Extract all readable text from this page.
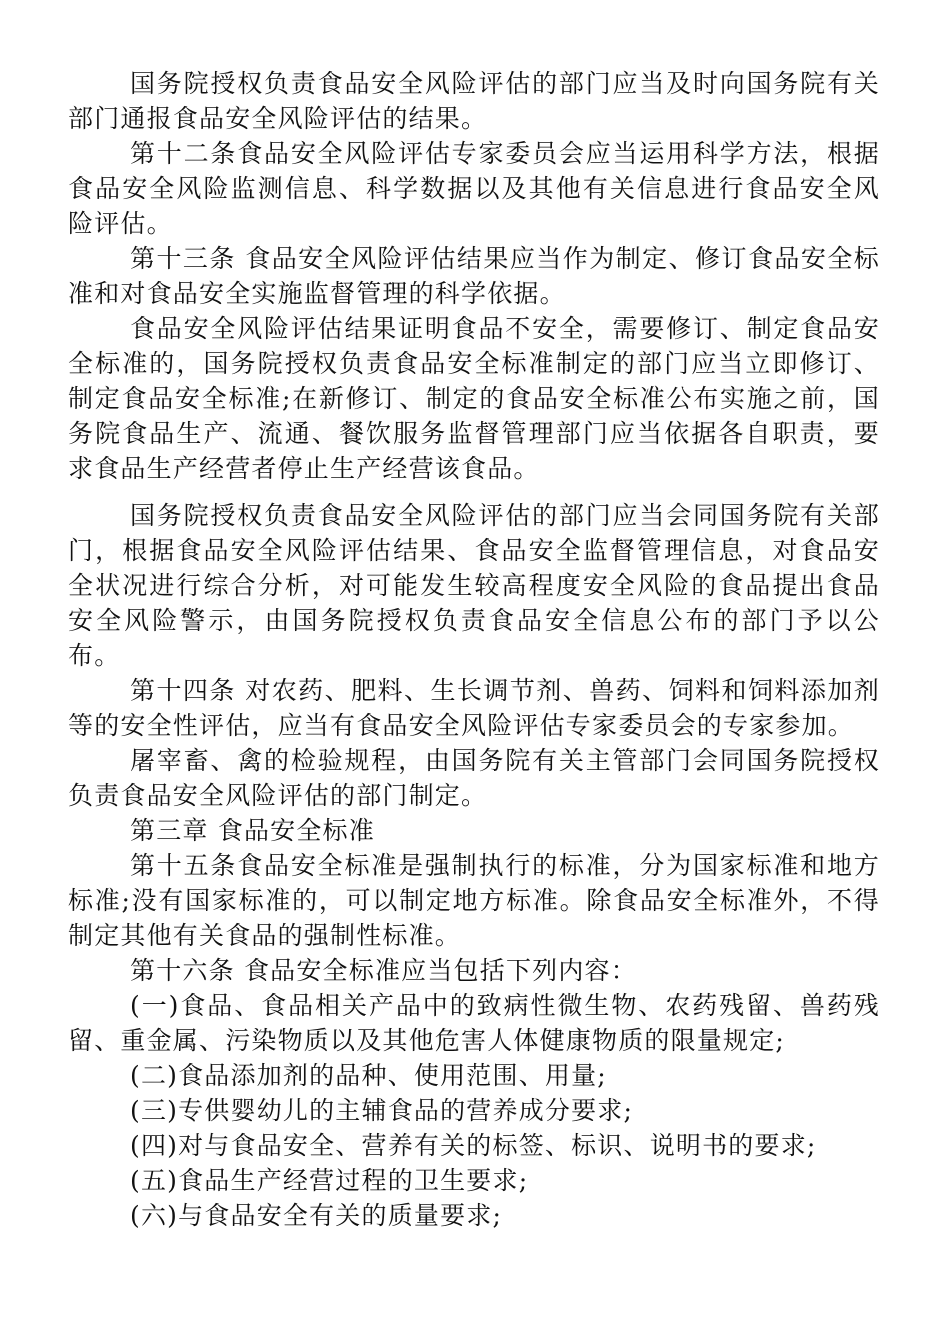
国务院授权负责食品安全风险评估的部门应当及时向国务院有关部门通报食品安全风险评估的结果。

第十二条食品安全风险评估专家委员会应当运用科学方法，根据食品安全风险监测信息、科学数据以及其他有关信息进行食品安全风险评估。

第十三条 食品安全风险评估结果应当作为制定、修订食品安全标准和对食品安全实施监督管理的科学依据。

食品安全风险评估结果证明食品不安全，需要修订、制定食品安全标准的，国务院授权负责食品安全标准制定的部门应当立即修订、制定食品安全标准;在新修订、制定的食品安全标准公布实施之前，国务院食品生产、流通、餐饮服务监督管理部门应当依据各自职责，要求食品生产经营者停止生产经营该食品。

国务院授权负责食品安全风险评估的部门应当会同国务院有关部门，根据食品安全风险评估结果、食品安全监督管理信息，对食品安全状况进行综合分析，对可能发生较高程度安全风险的食品提出食品安全风险警示，由国务院授权负责食品安全信息公布的部门予以公布。

第十四条 对农药、肥料、生长调节剂、兽药、饲料和饲料添加剂等的安全性评估，应当有食品安全风险评估专家委员会的专家参加。

屠宰畜、禽的检验规程，由国务院有关主管部门会同国务院授权负责食品安全风险评估的部门制定。

第三章 食品安全标准

第十五条食品安全标准是强制执行的标准，分为国家标准和地方标准;没有国家标准的，可以制定地方标准。除食品安全标准外，不得制定其他有关食品的强制性标准。

第十六条 食品安全标准应当包括下列内容：

(一)食品、食品相关产品中的致病性微生物、农药残留、兽药残留、重金属、污染物质以及其他危害人体健康物质的限量规定;

(二)食品添加剂的品种、使用范围、用量;

(三)专供婴幼儿的主辅食品的营养成分要求;

(四)对与食品安全、营养有关的标签、标识、说明书的要求;

(五)食品生产经营过程的卫生要求;

(六)与食品安全有关的质量要求;
